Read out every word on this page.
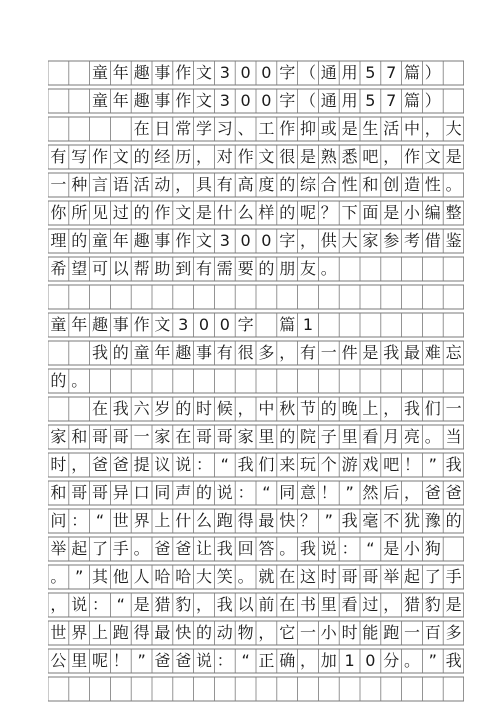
童 年 趣 事 作 文 3 0 0 字 （ 通 用 5 7 篇 ）
童 年 趣 事 作 文 3 0 0 字 （ 通 用 5 7 篇 ）
在 日 常 学 习 、 工 作 抑 或 是 生 活 中 ， 大
有 写 作 文 的 经 历 ， 对 作 文 很 是 熟 悉 吧 ， 作 文 是
一 种 言 语 活 动 ， 具 有 高 度 的 综 合 性 和 创 造 性 。
你 所 见 过 的 作 文 是 什 么 样 的 呢 ？ 下 面 是 小 编 整
理 的 童 年 趣 事 作 文 3 0 0 字 ， 供 大 家 参 考 借 鉴
希 望 可 以 帮 助 到 有 需 要 的 朋 友 。
童 年 趣 事 作 文 3 0 0 字 篇 1
我 的 童 年 趣 事 有 很 多 ， 有 一 件 是 我 最 难 忘
的 。
在 我 六 岁 的 时 候 ， 中 秋 节 的 晚 上 ， 我 们 一
家 和 哥 哥 一 家 在 哥 哥 家 里 的 院 子 里 看 月 亮 。 当
时 ， 爸 爸 提 议 说 ： “ 我 们 来 玩 个 游 戏 吧 ！ ” 我
和 哥 哥 异 口 同 声 的 说 ： “ 同 意 ！ ” 然 后 ， 爸 爸
问 ： “ 世 界 上 什 么 跑 得 最 快 ？ ” 我 毫 不 犹 豫 的
举 起 了 手 。 爸 爸 让 我 回 答 。 我 说 ： “ 是 小 狗
。 ” 其 他 人 哈 哈 大 笑 。 就 在 这 时 哥 哥 举 起 了 手
， 说 ： “ 是 猎 豹 ， 我 以 前 在 书 里 看 过 ， 猎 豹 是
世 界 上 跑 得 最 快 的 动 物 ， 它 一 小 时 能 跑 一 百 多
公 里 呢 ！ ” 爸 爸 说 ： “ 正 确 ， 加 1 0 分 。 ” 我
